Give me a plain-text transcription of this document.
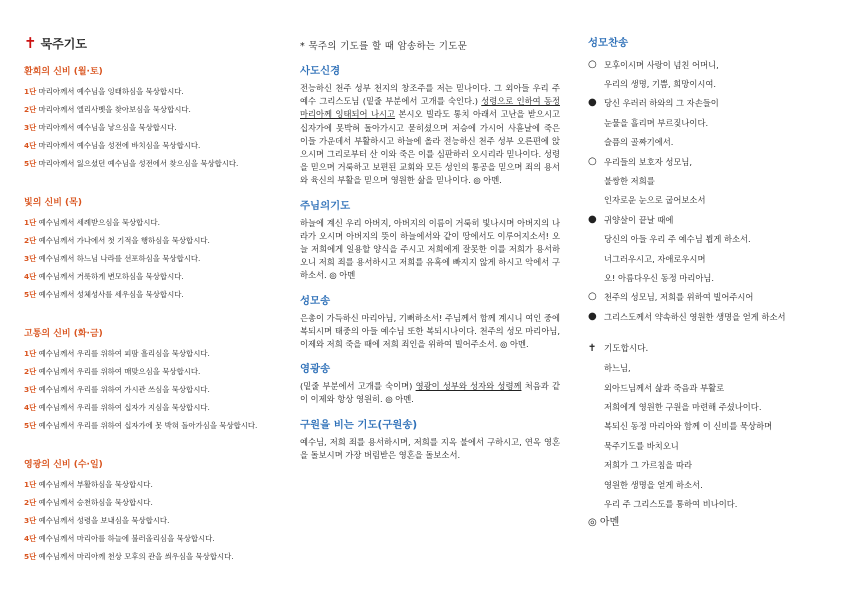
✝ 묵주기도
환희의 신비 (월·토)
1단 마리아께서 예수님을 잉태하심을 묵상합시다.
2단 마리아께서 엘리사벳을 찾아보심을 묵상합시다.
3단 마리아께서 예수님을 낳으심을 묵상합시다.
4단 마리아께서 예수님을 성전에 바치심을 묵상합시다.
5단 마리아께서 잃으셨던 예수님을 성전에서 찾으심을 묵상합시다.
빛의 신비 (목)
1단 예수님께서 세례받으심을 묵상합시다.
2단 예수님께서 가나에서 첫 기적을 행하심을 묵상합시다.
3단 예수님께서 하느님 나라를 선포하심을 묵상합시다.
4단 예수님께서 거룩하게 변모하심을 묵상합시다.
5단 예수님께서 성체성사를 세우심을 묵상합시다.
고통의 신비 (화·금)
1단 예수님께서 우리를 위하여 피땀 흘리심을 묵상합시다.
2단 예수님께서 우리를 위하여 매맞으심을 묵상합시다.
3단 예수님께서 우리를 위하여 가시관 쓰심을 묵상합시다.
4단 예수님께서 우리를 위하여 십자가 지심을 묵상합시다.
5단 예수님께서 우리를 위하여 십자가에 못 박혀 돌아가심을 묵상합시다.
영광의 신비 (수·일)
1단 예수님께서 부활하심을 묵상합시다.
2단 예수님께서 승천하심을 묵상합시다.
3단 예수님께서 성령을 보내심을 묵상합시다.
4단 예수님께서 마리아를 하늘에 불러올리심을 묵상합시다.
5단 예수님께서 마리아께 천상 모후의 관을 씌우심을 묵상합시다.
* 묵주의 기도를 할 때 암송하는 기도문
사도신경
전능하신 천주 성부 천지의 창조주를 저는 믿나이다. 그 외아들 우리 주 예수 그리스도님 (밑줄 부분에서 고개를 숙인다.) 성령으로 인하여 동정 마리아께 잉태되어 나시고 본시오 빌라도 통치 아래서 고난을 받으시고 십자가에 못박혀 돌아가시고 묻히셨으며 저승에 가시어 사흗날에 죽은 이들 가운데서 부활하시고 하늘에 올라 전능하신 천주 성부 오른편에 앉으시며 그리로부터 산 이와 죽은 이를 심판하러 오시리라 믿나이다. 성령을 믿으며 거룩하고 보편된 교회와 모든 성인의 통공을 믿으며 죄의 용서와 육신의 부활을 믿으며 영원한 삶을 믿나이다. ◎ 아멘.
주님의기도
하늘에 계신 우리 아버지, 아버지의 이름이 거룩히 빛나시며 아버지의 나라가 오시며 아버지의 뜻이 하늘에서와 같이 땅에서도 이루어지소서! 오늘 저희에게 일용할 양식을 주시고 저희에게 잘못한 이를 저희가 용서하오니 저희 죄를 용서하시고 저희를 유혹에 빠지지 않게 하시고 악에서 구하소서. ◎ 아멘
성모송
은총이 가득하신 마리아님, 기뻐하소서! 주님께서 함께 계시니 여인 중에 복되시며 태중의 아들 예수님 또한 복되시나이다. 천주의 성모 마리아님, 이제와 저희 죽을 때에 저희 죄인을 위하여 빌어주소서. ◎ 아멘.
영광송
(밑줄 부분에서 고개를 숙이며) 영광이 성부와 성자와 성령께 처음과 같이 이제와 항상 영원히. ◎ 아멘.
구원을 비는 기도(구원송)
예수님, 저희 죄를 용서하시며, 저희를 지옥 불에서 구하시고, 연옥 영혼을 돌보시며 가장 버림받은 영혼을 돌보소서.
성모찬송
○ 모후이시며 사랑이 넘친 어머니,
우리의 생명, 기쁨, 희망이시여.
● 당신 우러러 하와의 그 자손들이
눈물을 흘리며 부르짖나이다.
슬픔의 골짜기에서.
○ 우리들의 보호자 성모님,
불쌍한 저희를
인자로운 눈으로 굽어보소서
● 귀양살이 끝날 때에
당신의 아들 우리 주 예수님 뵙게 하소서.
너그러우시고, 자애로우시며
오! 아름다우신 동정 마리아님.
○ 천주의 성모님, 저희를 위하여 빌어주시어
● 그리스도께서 약속하신 영원한 생명을 얻게 하소서
✝ 기도합시다.
하느님,
외아드님께서 삶과 죽음과 부활로
저희에게 영원한 구원을 마련해 주셨나이다.
복되신 동정 마리아와 함께 이 신비를 묵상하며
묵주기도를 바치오니
저희가 그 가르침을 따라
영원한 생명을 얻게 하소서.
우리 주 그리스도를 통하여 비나이다.
◎ 아멘
